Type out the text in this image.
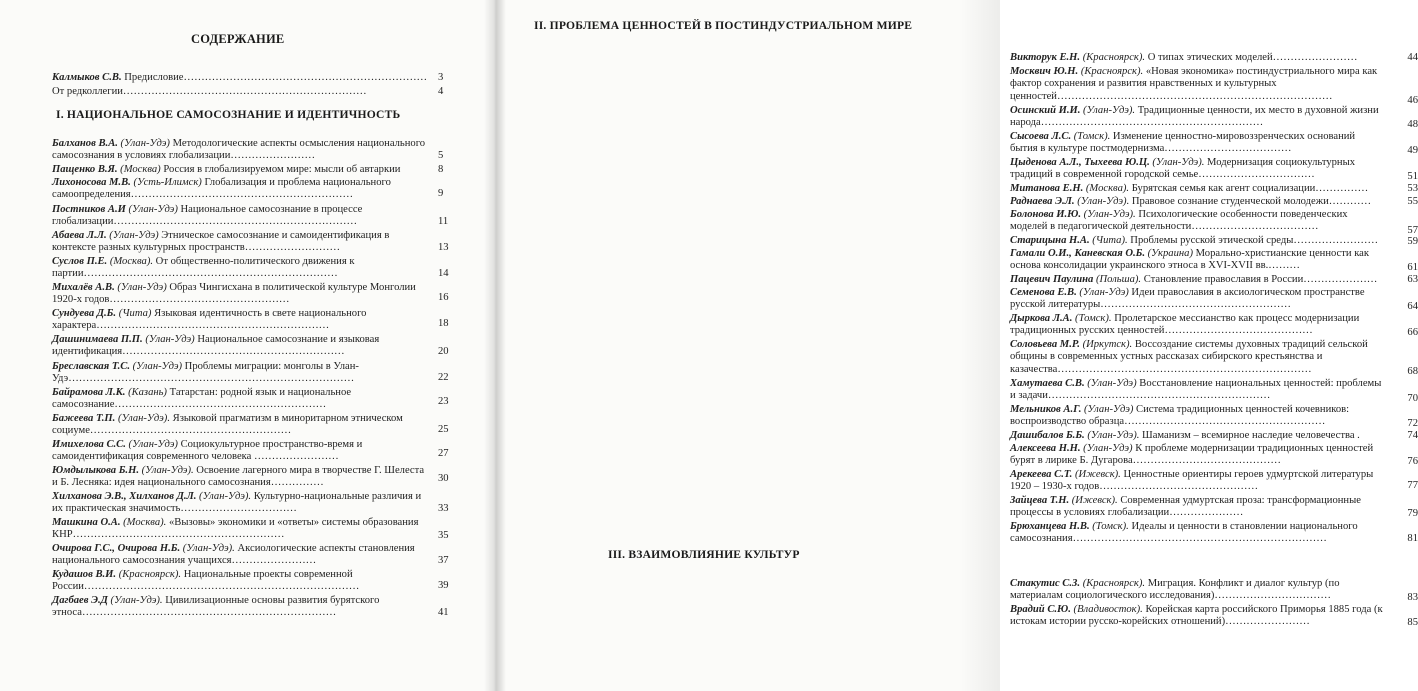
СОДЕРЖАНИЕ
Калмыков С.В. Предисловие…………………………………………………………… 3
От редколлегии……………………………………………………………	4
I. НАЦИОНАЛЬНОЕ САМОСОЗНАНИЕ И ИДЕНТИЧНОСТЬ
Балханов В.А. (Улан-Удэ) Методологические аспекты осмысления национального самосознания в условиях глобализации……………………	5
Пащенко В.Я. (Москва) Россия в глобализируемом мире: мысли об автаркии	8
Лихоносова М.В. (Усть-Илимск) Глобализация и проблема национального самоопределения………………………………………………………	9
Постников А.И (Улан-Удэ) Национальное самосознание в процессе глобализации……………………………………………………………	11
Абаева Л.Л. (Улан-Удэ) Этническое самосознание и самоидентификация в контексте разных культурных пространств………………………	13
Суслов П.Е. (Москва). От общественно-политического движения к партии………………………………………………………………	14
Михалёв А.В. (Улан-Удэ) Образ Чингисхана в политической культуре Монголии 1920-х годов……………………………………………	16
Сундуева Д.Б. (Чита) Языковая идентичность в свете национального характера…………………………………………………………	18
Дашинимаева П.П. (Улан-Удэ) Национальное самосознание и языковая идентификация………………………………………………………	20
Бреславская Т.С. (Улан-Удэ) Проблемы миграции: монголы в Улан-Удэ………………………………………………………………………	22
Байрамова Л.К. (Казань) Татарстан: родной язык и национальное самосознание……………………………………………………	23
Бажеева Т.П. (Улан-Удэ). Языковой прагматизм в миноритарном этническом социуме…………………………………………………	25
Имихелова С.С. (Улан-Удэ) Социокультурное пространство-время и самоидентификация современного человека ……………………	27
Юмдылыкова Б.Н. (Улан-Удэ). Освоение лагерного мира в творчестве Г. Шелеста и Б. Лесняка: идея национального самосознания……………	30
Хилханова Э.В., Хилханов Д.Л. (Улан-Удэ). Культурно-национальные различия и их практическая значимость……………………………	33
Машкина О.А. (Москва). «Вызовы» экономики и «ответы» системы образования КНР……………………………………………………	35
Очирова Г.С., Очирова Н.Б. (Улан-Удэ). Аксиологические аспекты становления национального самосознания учащихся……………………	37
Кудашов В.И. (Красноярск). Национальные проекты современной России……………………………………………………………………	39
Дагбаев Э.Д (Улан-Удэ). Цивилизационные основы развития бурятского этноса………………………………………………………………	41
II. ПРОБЛЕМА ЦЕННОСТЕЙ В ПОСТИНДУСТРИАЛЬНОМ МИРЕ
Викторук Е.Н. (Красноярск). О типах этических моделей……………………	44
Москвич Ю.Н. (Красноярск). «Новая экономика» постиндустриального мира как фактор сохранения и развития нравственных и культурных ценностей……………………………………………………………………	46
Осинский И.И. (Улан-Удэ). Традиционные ценности, их место в духовной жизни народа………………………………………………………	48
Сысоева Л.С. (Томск). Изменение ценностно-мировоззренческих оснований бытия в культуре постмодернизма………………………………	49
Цыденова А.Л., Тыхеева Ю.Ц. (Улан-Удэ). Модернизация социокультурных традиций в современной городской семье……………………………	51
Митанова Е.Н. (Москва). Бурятская семья как агент социализации……………	53
Раднаева Э.Л. (Улан-Удэ). Правовое сознание студенческой молодежи…………	55
Болонова И.Ю. (Улан-Удэ). Психологические особенности поведенческих моделей в педагогической деятельности………………………………	57
Старицына Н.А. (Чита). Проблемы русской этической среды……………………	59
Гамали О.И., Каневская О.Б. (Украина) Морально-христианские ценности как основа консолидации украинского этноса в XVI-XVII вв.………	61
Пацевич Паулина (Польша). Становление православия в России…………………	63
Семенова Е.В. (Улан-Удэ) Идеи православия в аксиологическом пространстве русской литературы………………………………………………	64
Дыркова Л.А. (Томск). Пролетарское мессианство как процесс модернизации традиционных русских ценностей……………………………………	66
Соловьева М.Р. (Иркутск). Воссоздание системы духовных традиций сельской общины в современных устных рассказах сибирского крестьянства и казачества………………………………………………………………	68
Хамутаева С.В. (Улан-Удэ) Восстановление национальных ценностей: проблемы и задачи………………………………………………………	70
Мельников А.Г. (Улан-Удэ) Система традиционных ценностей кочевников: воспроизводство образца…………………………………………………	72
Дашибалов Б.Б. (Улан-Удэ). Шаманизм – всемирное наследие человечества .	74
Алексеева Н.Н. (Улан-Удэ) К проблеме модернизации традиционных ценностей бурят в лирике Б. Дугарова……………………………………	76
Арекеева С.Т. (Ижевск). Ценностные ориентиры героев удмуртской литературы 1920 – 1930-х годов………………………………………	77
Зайцева Т.Н. (Ижевск). Современная удмуртская проза: трансформационные процессы в условиях глобализации…………………	79
Брюханцева Н.В. (Томск). Идеалы и ценности в становлении национального самосознания………………………………………………………………	81
III. ВЗАИМОВЛИЯНИЕ КУЛЬТУР
Стакутис С.З. (Красноярск). Миграция. Конфликт и диалог культур (по материалам социологического исследования)……………………………	83
Врадий С.Ю. (Владивосток). Корейская карта российского Приморья 1885 года (к истокам истории русско-корейских отношений)……………………	85
